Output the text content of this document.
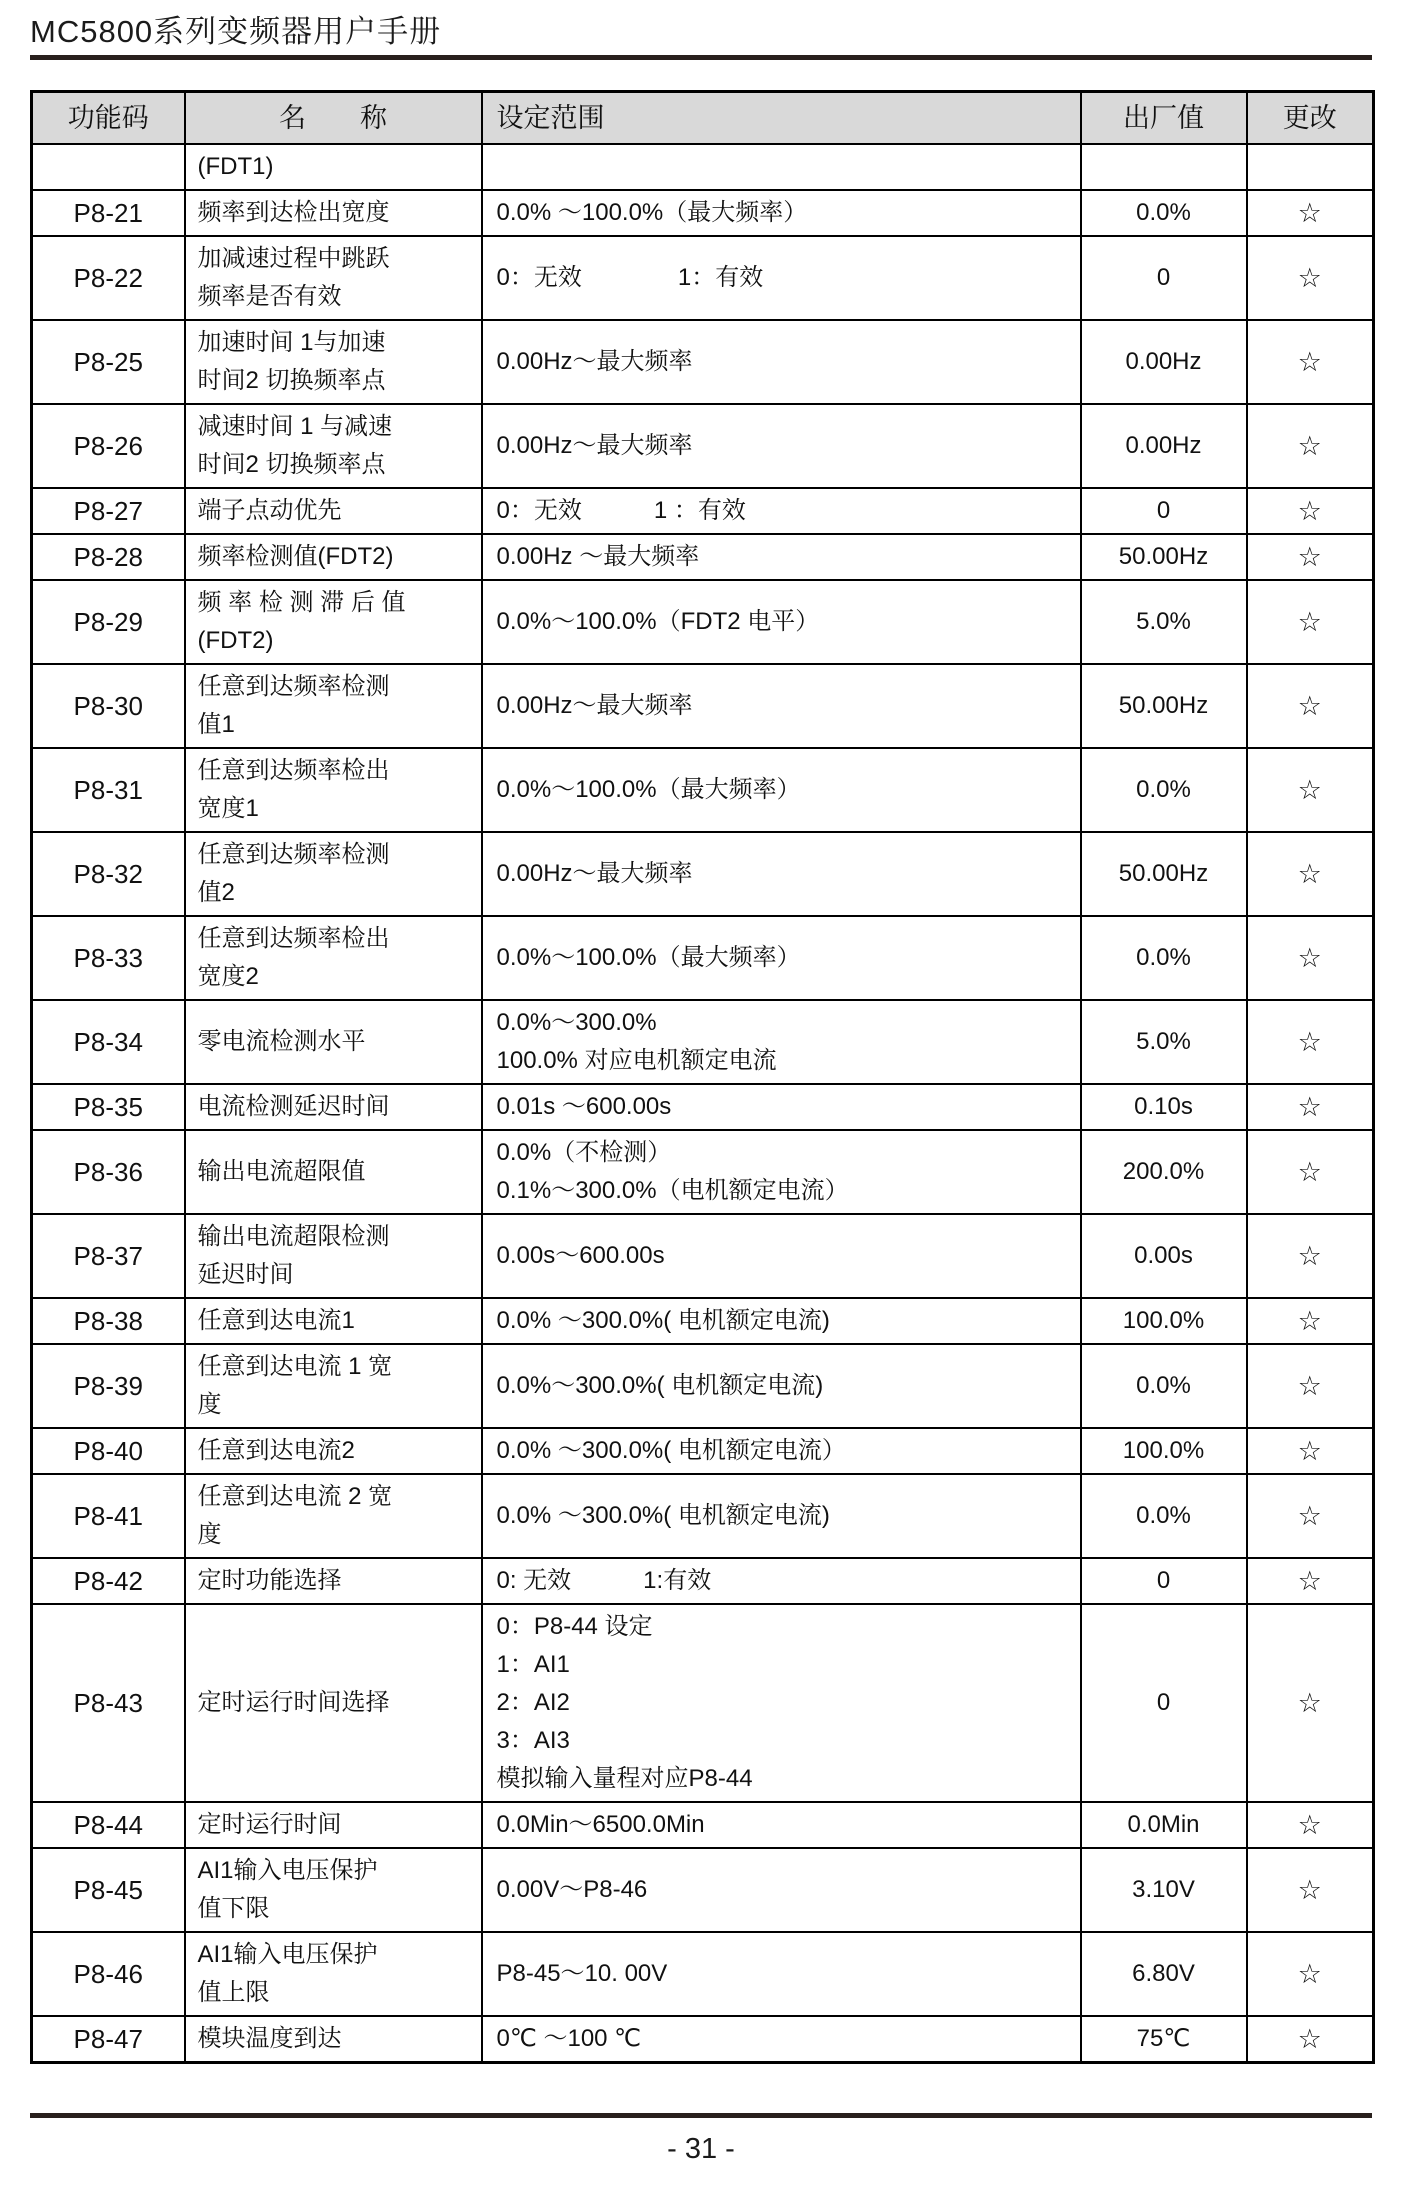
MC5800系列变频器用户手册
功能码	名　　称	设定范围	出厂值	更改

	(FDT1)			

P8-21	频率到达检出宽度	0.0% ～100.0%（最大频率）	0.0%	☆

P8-22	加减速过程中跳跃
频率是否有效	0：无效　　　　1：有效	0	☆

P8-25	加速时间 1与加速
时间2 切换频率点	0.00Hz～最大频率	0.00Hz	☆

P8-26	减速时间 1 与减速
时间2 切换频率点	0.00Hz～最大频率	0.00Hz	☆

P8-27	端子点动优先	0：无效　　　1 ：有效	0	☆

P8-28	频率检测值(FDT2)	0.00Hz ～最大频率	50.00Hz	☆

P8-29	频 率 检 测 滞 后 值
(FDT2)	0.0%～100.0%（FDT2 电平）	5.0%	☆

P8-30	任意到达频率检测
值1	0.00Hz～最大频率	50.00Hz	☆

P8-31	任意到达频率检出
宽度1	0.0%～100.0%（最大频率）	0.0%	☆

P8-32	任意到达频率检测
值2	0.00Hz～最大频率	50.00Hz	☆

P8-33	任意到达频率检出
宽度2	0.0%～100.0%（最大频率）	0.0%	☆

P8-34	零电流检测水平	0.0%～300.0%
100.0% 对应电机额定电流	5.0%	☆

P8-35	电流检测延迟时间	0.01s ～600.00s	0.10s	☆

P8-36	输出电流超限值	0.0%（不检测）
0.1%～300.0%（电机额定电流）	200.0%	☆

P8-37	输出电流超限检测
延迟时间	0.00s～600.00s	0.00s	☆

P8-38	任意到达电流1	0.0% ～300.0%( 电机额定电流)	100.0%	☆

P8-39	任意到达电流 1 宽
度	0.0%～300.0%( 电机额定电流)	0.0%	☆

P8-40	任意到达电流2	0.0% ～300.0%( 电机额定电流）	100.0%	☆

P8-41	任意到达电流 2 宽
度	0.0% ～300.0%( 电机额定电流)	0.0%	☆

P8-42	定时功能选择	0: 无效　　　1:有效	0	☆

P8-43	定时运行时间选择	0：P8-44 设定
1：AI1
2：AI2
3：AI3
模拟输入量程对应P8-44	0	☆

P8-44	定时运行时间	0.0Min～6500.0Min	0.0Min	☆

P8-45	AI1输入电压保护
值下限	0.00V～P8-46	3.10V	☆

P8-46	AI1输入电压保护
值上限	P8-45～10. 00V	6.80V	☆

P8-47	模块温度到达	0℃ ～100 ℃	75℃	☆
- 31 -
